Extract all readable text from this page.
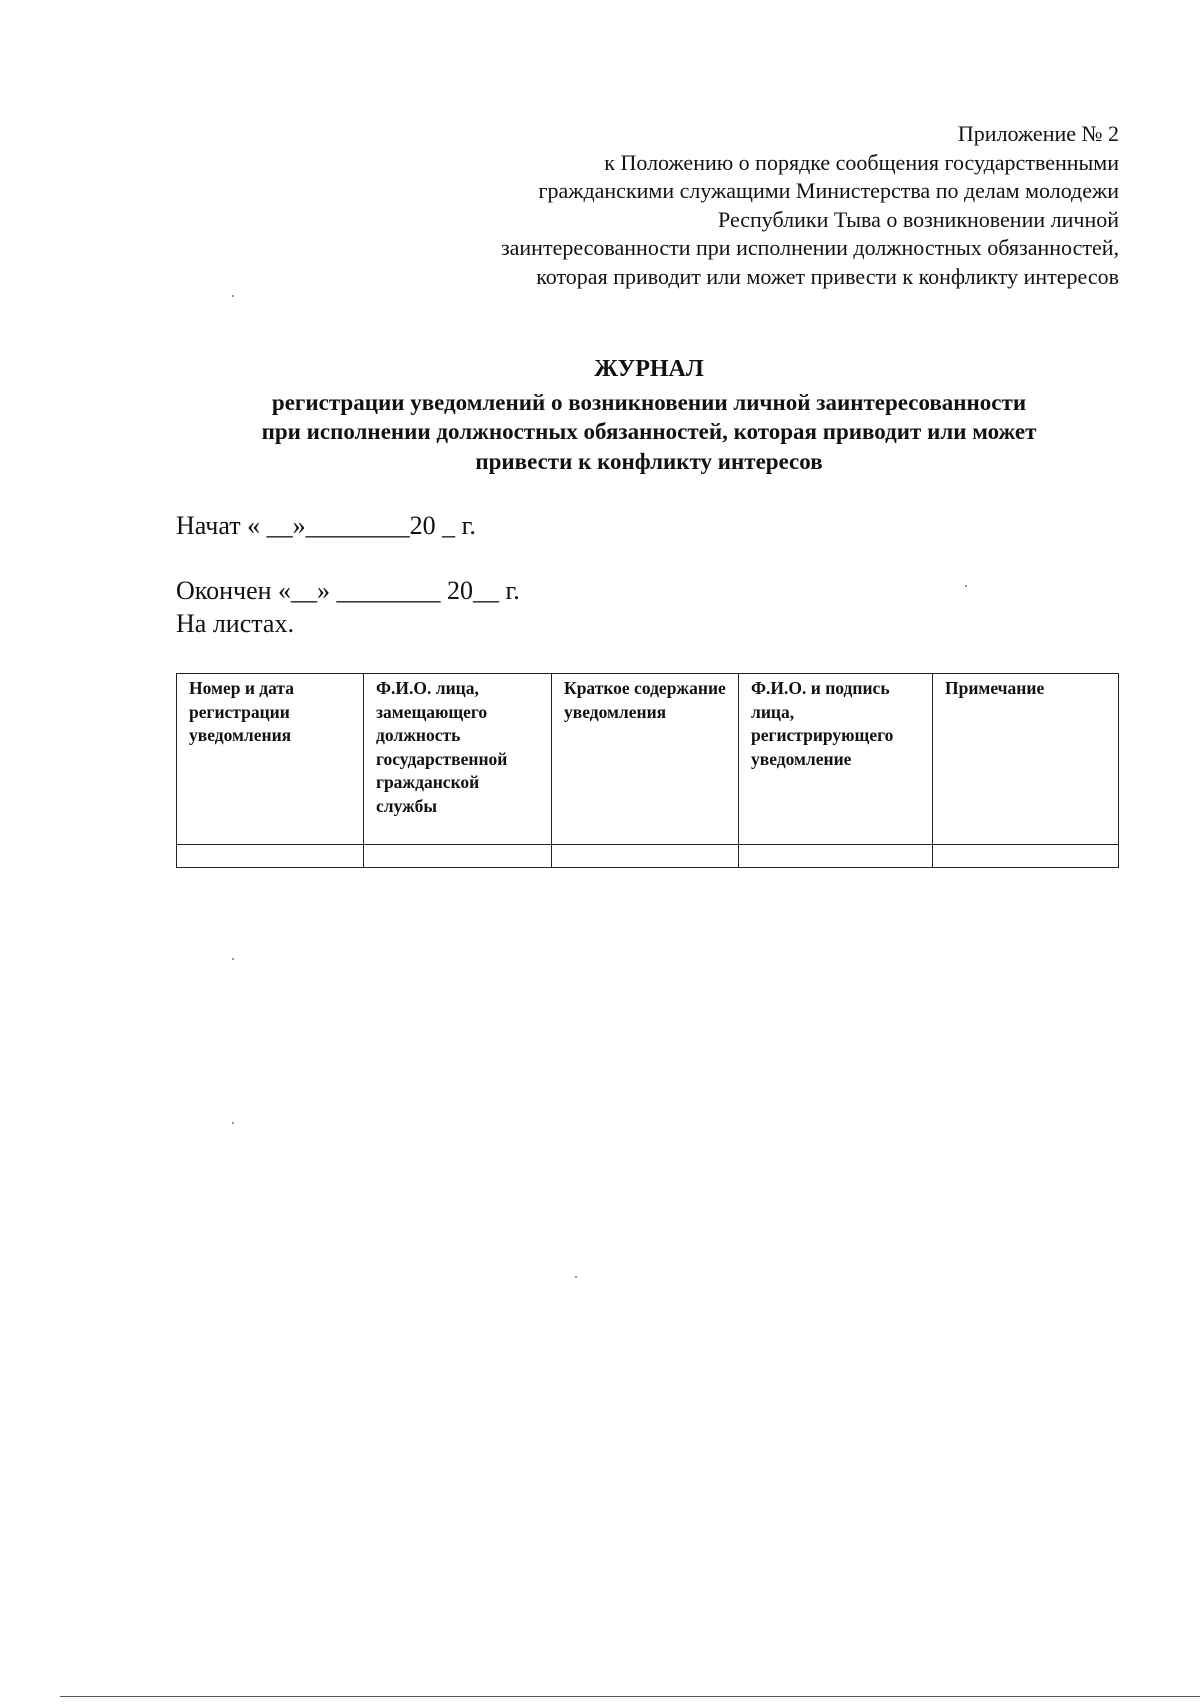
Приложение № 2
к Положению о порядке сообщения государственными
гражданскими служащими Министерства по делам молодежи
Республики Тыва о возникновении личной
заинтересованности при исполнении должностных обязанностей,
которая приводит или может привести к конфликту интересов
ЖУРНАЛ
регистрации уведомлений о возникновении личной заинтересованности
при исполнении должностных обязанностей, которая приводит или может
привести к конфликту интересов
Начат « __»________20 _ г.
Окончен «__» ________ 20__ г.
На листах.
Номер и дата регистрации уведомления	Ф.И.О. лица, замещающего должность государственной гражданской службы	Краткое содержание уведомления	Ф.И.О. и подпись лица, регистрирующего уведомление	Примечание
